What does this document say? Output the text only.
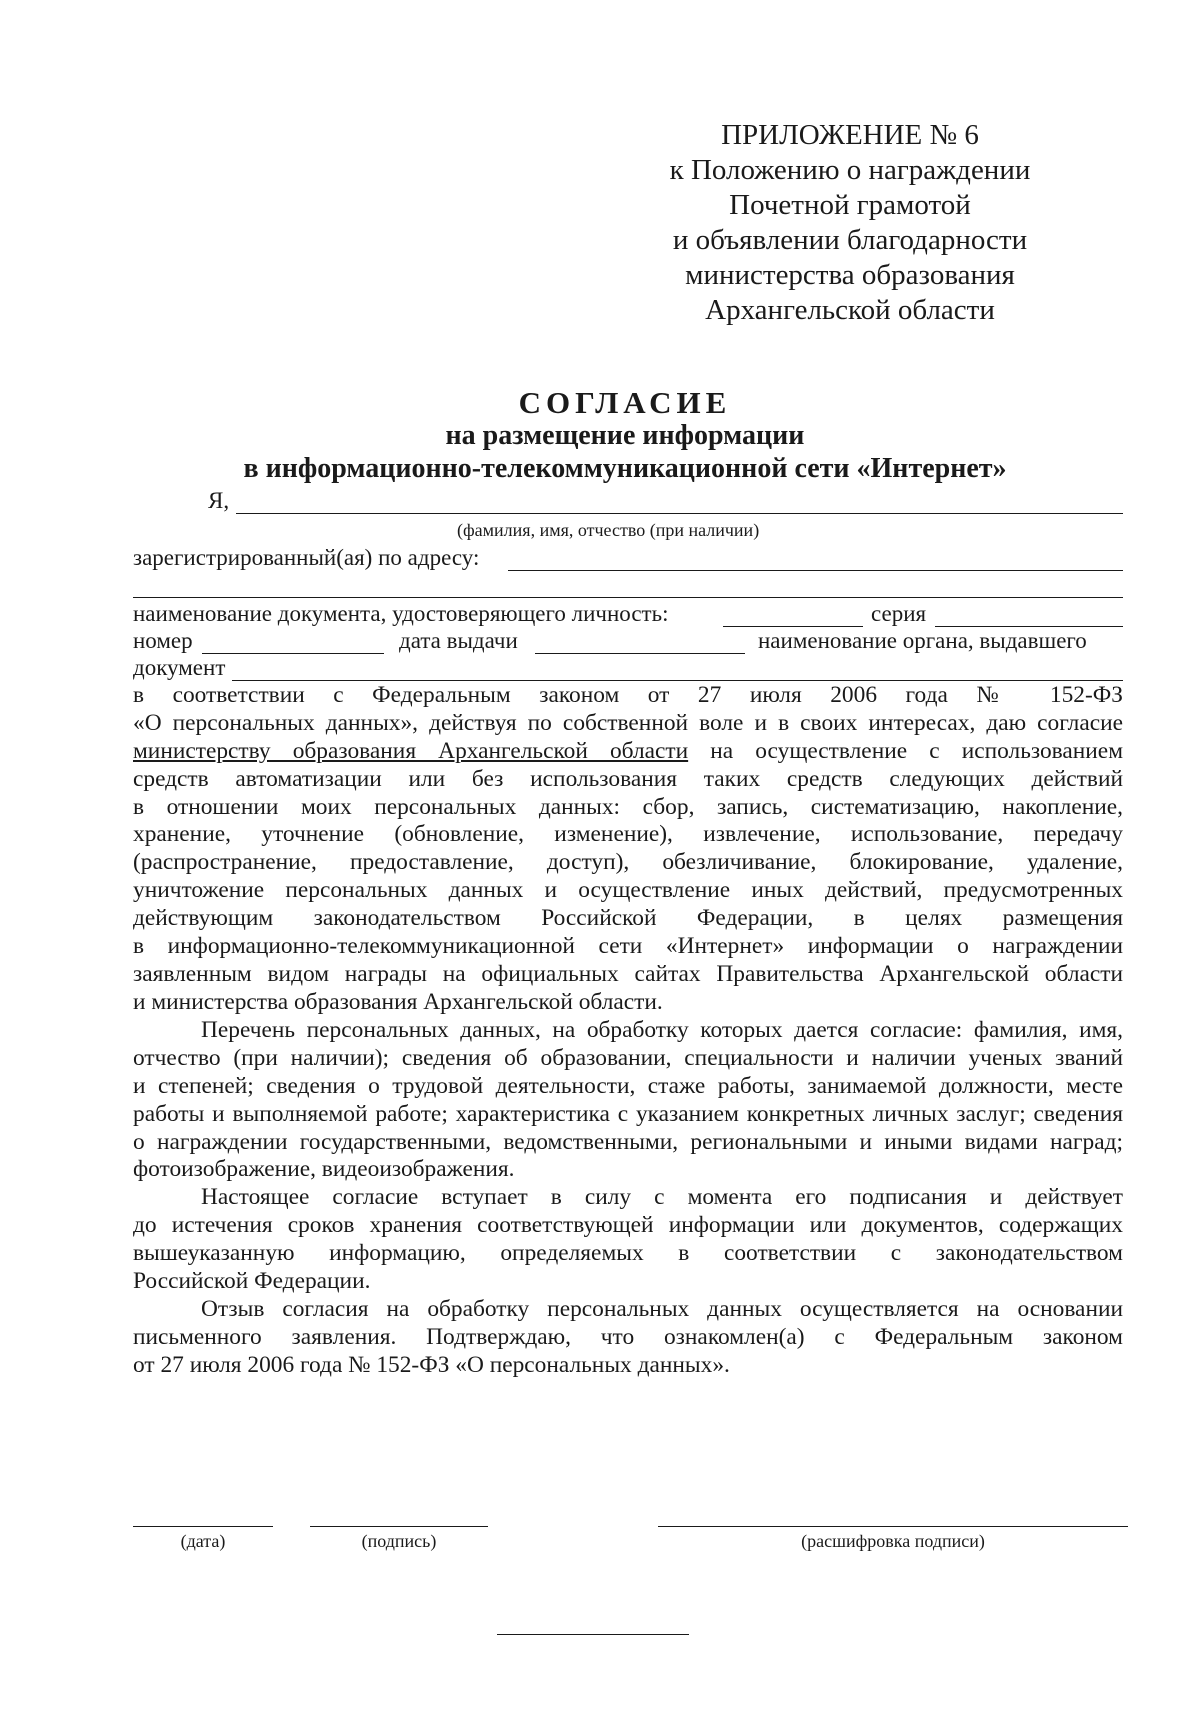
ПРИЛОЖЕНИЕ № 6
к Положению о награждении
Почетной грамотой
и объявлении благодарности
министерства образования
Архангельской области
СОГЛАСИЕ
на размещение информации
в информационно-телекоммуникационной сети «Интернет»
Я,
(фамилия, имя, отчество (при наличии)
зарегистрированный(ая) по адресу:
наименование документа, удостоверяющего личность:	серия
номер	дата выдачи	наименование органа, выдавшего
документ
в соответствии с Федеральным законом от 27 июля 2006 года № 152-ФЗ
«О персональных данных», действуя по собственной воле и в своих интересах, даю согласие
министерству образования Архангельской области на осуществление с использованием
средств автоматизации или без использования таких средств следующих действий
в отношении моих персональных данных: сбор, запись, систематизацию, накопление,
хранение, уточнение (обновление, изменение), извлечение, использование, передачу
(распространение, предоставление, доступ), обезличивание, блокирование, удаление,
уничтожение персональных данных и осуществление иных действий, предусмотренных
действующим законодательством Российской Федерации, в целях размещения
в информационно-телекоммуникационной сети «Интернет» информации о награждении
заявленным видом награды на официальных сайтах Правительства Архангельской области
и министерства образования Архангельской области.
Перечень персональных данных, на обработку которых дается согласие: фамилия, имя,
отчество (при наличии); сведения об образовании, специальности и наличии ученых званий
и степеней; сведения о трудовой деятельности, стаже работы, занимаемой должности, месте
работы и выполняемой работе; характеристика с указанием конкретных личных заслуг; сведения
о награждении государственными, ведомственными, региональными и иными видами наград;
фотоизображение, видеоизображения.
Настоящее согласие вступает в силу с момента его подписания и действует
до истечения сроков хранения соответствующей информации или документов, содержащих
вышеуказанную информацию, определяемых в соответствии с законодательством
Российской Федерации.
Отзыв согласия на обработку персональных данных осуществляется на основании
письменного заявления. Подтверждаю, что ознакомлен(а) с Федеральным законом
от 27 июля 2006 года № 152-ФЗ «О персональных данных».
(дата)	(подпись)	(расшифровка подписи)
